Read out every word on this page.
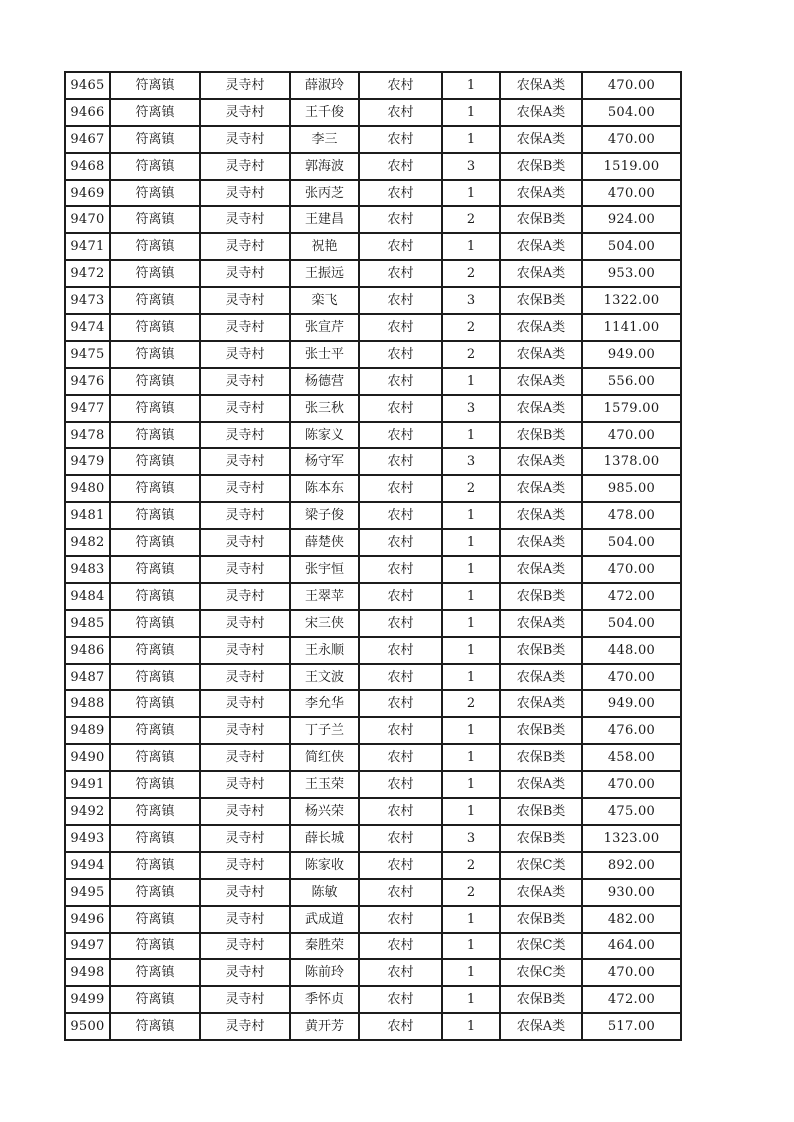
9465	符离镇	灵寺村	薛淑玲	农村	1	农保A类	470.00
9466	符离镇	灵寺村	王千俊	农村	1	农保A类	504.00
9467	符离镇	灵寺村	李三	农村	1	农保A类	470.00
9468	符离镇	灵寺村	郭海波	农村	3	农保B类	1519.00
9469	符离镇	灵寺村	张丙芝	农村	1	农保A类	470.00
9470	符离镇	灵寺村	王建昌	农村	2	农保B类	924.00
9471	符离镇	灵寺村	祝艳	农村	1	农保A类	504.00
9472	符离镇	灵寺村	王振远	农村	2	农保A类	953.00
9473	符离镇	灵寺村	栾飞	农村	3	农保B类	1322.00
9474	符离镇	灵寺村	张宣芹	农村	2	农保A类	1141.00
9475	符离镇	灵寺村	张士平	农村	2	农保A类	949.00
9476	符离镇	灵寺村	杨德营	农村	1	农保A类	556.00
9477	符离镇	灵寺村	张三秋	农村	3	农保A类	1579.00
9478	符离镇	灵寺村	陈家义	农村	1	农保B类	470.00
9479	符离镇	灵寺村	杨守军	农村	3	农保A类	1378.00
9480	符离镇	灵寺村	陈本东	农村	2	农保A类	985.00
9481	符离镇	灵寺村	梁子俊	农村	1	农保A类	478.00
9482	符离镇	灵寺村	薛楚侠	农村	1	农保A类	504.00
9483	符离镇	灵寺村	张宇恒	农村	1	农保A类	470.00
9484	符离镇	灵寺村	王翠苹	农村	1	农保B类	472.00
9485	符离镇	灵寺村	宋三侠	农村	1	农保A类	504.00
9486	符离镇	灵寺村	王永顺	农村	1	农保B类	448.00
9487	符离镇	灵寺村	王文波	农村	1	农保A类	470.00
9488	符离镇	灵寺村	李允华	农村	2	农保A类	949.00
9489	符离镇	灵寺村	丁子兰	农村	1	农保B类	476.00
9490	符离镇	灵寺村	简红侠	农村	1	农保B类	458.00
9491	符离镇	灵寺村	王玉荣	农村	1	农保A类	470.00
9492	符离镇	灵寺村	杨兴荣	农村	1	农保B类	475.00
9493	符离镇	灵寺村	薛长城	农村	3	农保B类	1323.00
9494	符离镇	灵寺村	陈家收	农村	2	农保C类	892.00
9495	符离镇	灵寺村	陈敏	农村	2	农保A类	930.00
9496	符离镇	灵寺村	武成道	农村	1	农保B类	482.00
9497	符离镇	灵寺村	秦胜荣	农村	1	农保C类	464.00
9498	符离镇	灵寺村	陈前玲	农村	1	农保C类	470.00
9499	符离镇	灵寺村	季怀贞	农村	1	农保B类	472.00
9500	符离镇	灵寺村	黄开芳	农村	1	农保A类	517.00
